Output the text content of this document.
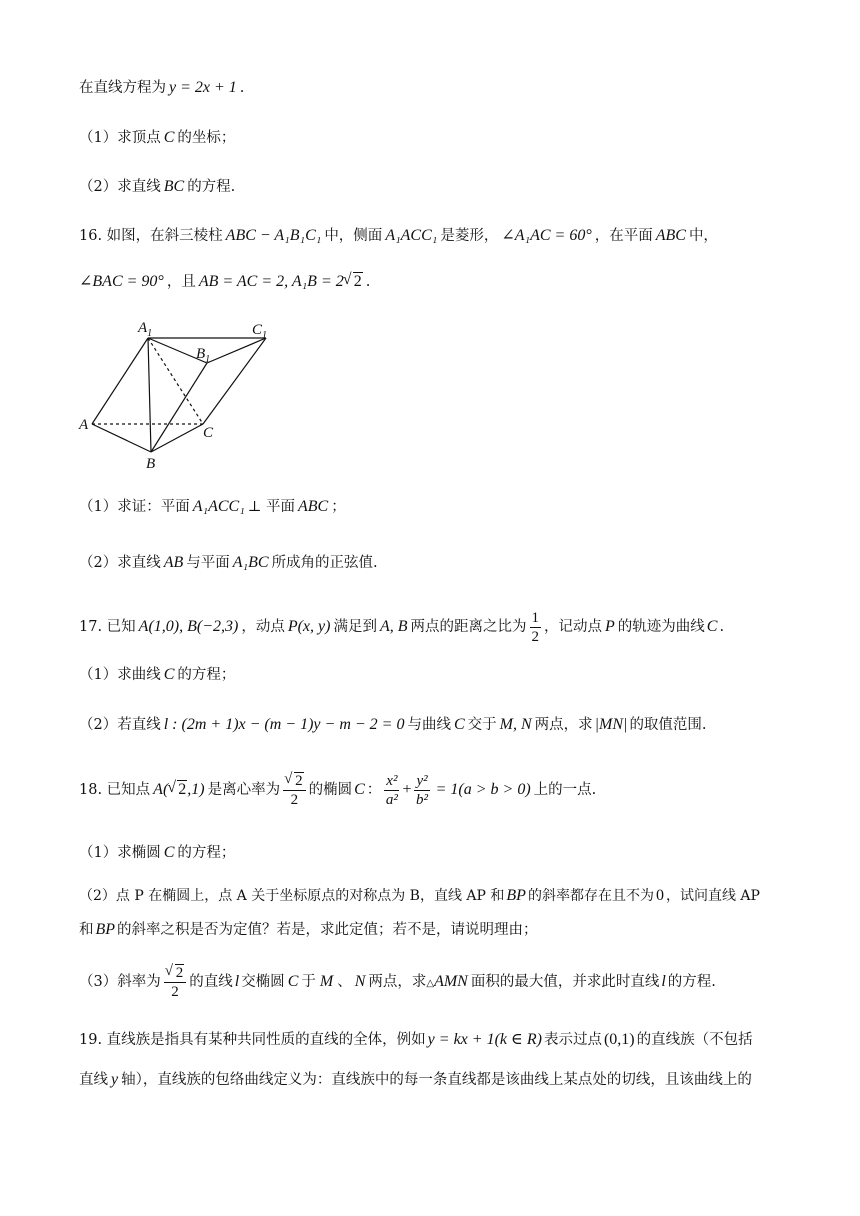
在直线方程为 y = 2x + 1 .
（1）求顶点 C 的坐标；
（2）求直线 BC 的方程.
16. 如图，在斜三棱柱 ABC − A₁B₁C₁ 中，侧面 A₁ACC₁ 是菱形， ∠A₁AC = 60° ，在平面 ABC 中，
∠BAC = 90° ，且 AB = AC = 2, A₁B = 2 √ 2 .
$A_1$	$C_1$
$B_1$
A	C
B
（1）求证：平面 A₁ACC₁ ⊥ 平面 ABC ；
（2）求直线 AB 与平面 A₁BC 所成角的正弦值.
17. 已知 A(1,0), B(−2,3) ，动点 P(x, y) 满足到 A, B 两点的距离之比为 $\frac{1}{2}$ ，记动点 P 的轨迹为曲线 C .
（1）求曲线 C 的方程；
（2）若直线 l : (2m + 1)x − (m − 1)y − m − 2 = 0 与曲线 C 交于 M, N 两点，求 |MN| 的取值范围.
18. 已知点 A( √ 2,1) 是离心率为 √ $\frac{2}{2}$ 的椭圆 C ： $\frac{\text{x²}}{\text{a²}} + \frac{\text{y²}}{\text{b²}} = 1(a > b > 0)$ 上的一点.
（1）求椭圆 C 的方程；
（2）点 P 在椭圆上，点 A 关于坐标原点的对称点为 B，直线 AP 和 BP 的斜率都存在且不为 0 ，试问直线 AP
和 BP 的斜率之积是否为定值？若是，求此定值；若不是，请说明理由；
（3）斜率为 √ $\frac{2}{2}$ 的直线 l 交椭圆 C 于 M 、 N 两点，求△AMN 面积的最大值，并求此时直线 l 的方程.
19. 直线族是指具有某种共同性质的直线的全体，例如 y = kx + 1(k ∈ R) 表示过点 (0,1) 的直线族（不包括
直线 y 轴），直线族的包络曲线定义为：直线族中的每一条直线都是该曲线上某点处的切线，且该曲线上的
